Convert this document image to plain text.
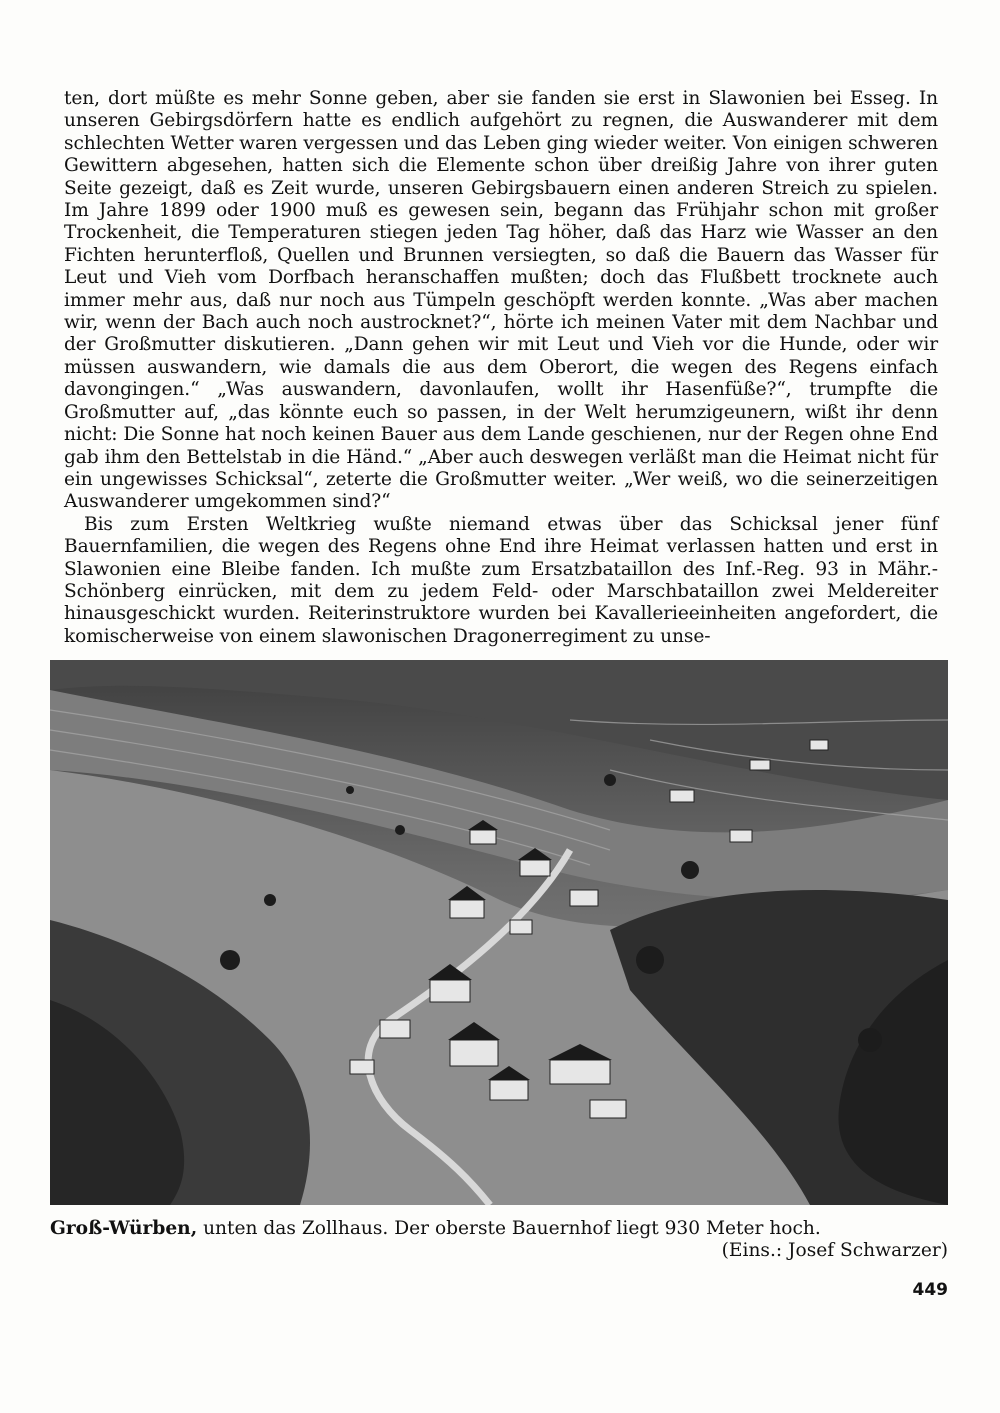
ten, dort müßte es mehr Sonne geben, aber sie fanden sie erst in Slawonien bei Esseg. In unseren Gebirgsdörfern hatte es endlich aufgehört zu regnen, die Auswanderer mit dem schlechten Wetter waren vergessen und das Leben ging wieder weiter. Von einigen schweren Gewittern abgesehen, hatten sich die Elemente schon über dreißig Jahre von ihrer guten Seite gezeigt, daß es Zeit wurde, unseren Gebirgsbauern einen anderen Streich zu spielen. Im Jahre 1899 oder 1900 muß es gewesen sein, begann das Frühjahr schon mit großer Trockenheit, die Temperaturen stiegen jeden Tag höher, daß das Harz wie Wasser an den Fichten herunterfloß, Quellen und Brunnen versiegten, so daß die Bauern das Wasser für Leut und Vieh vom Dorfbach heranschaffen mußten; doch das Flußbett trocknete auch immer mehr aus, daß nur noch aus Tümpeln geschöpft werden konnte. „Was aber machen wir, wenn der Bach auch noch austrocknet?“, hörte ich meinen Vater mit dem Nachbar und der Großmutter diskutieren. „Dann gehen wir mit Leut und Vieh vor die Hunde, oder wir müssen auswandern, wie damals die aus dem Oberort, die wegen des Regens einfach davongingen.“ „Was auswandern, davonlaufen, wollt ihr Hasenfüße?“, trumpfte die Großmutter auf, „das könnte euch so passen, in der Welt herumzigeunern, wißt ihr denn nicht: Die Sonne hat noch keinen Bauer aus dem Lande geschienen, nur der Regen ohne End gab ihm den Bettelstab in die Händ.“ „Aber auch deswegen verläßt man die Heimat nicht für ein ungewisses Schicksal“, zeterte die Großmutter weiter. „Wer weiß, wo die seinerzeitigen Auswanderer umgekommen sind?“

Bis zum Ersten Weltkrieg wußte niemand etwas über das Schicksal jener fünf Bauernfamilien, die wegen des Regens ohne End ihre Heimat verlassen hatten und erst in Slawonien eine Bleibe fanden. Ich mußte zum Ersatzbataillon des Inf.-Reg. 93 in Mähr.-Schönberg einrücken, mit dem zu jedem Feld- oder Marschbataillon zwei Meldereiter hinausgeschickt wurden. Reiterinstruktore wurden bei Kavallerieeinheiten angefordert, die komischerweise von einem slawonischen Dragonerregiment zu unse-

Groß-Würben, unten das Zollhaus. Der oberste Bauernhof liegt 930 Meter hoch.
(Eins.: Josef Schwarzer)
449
